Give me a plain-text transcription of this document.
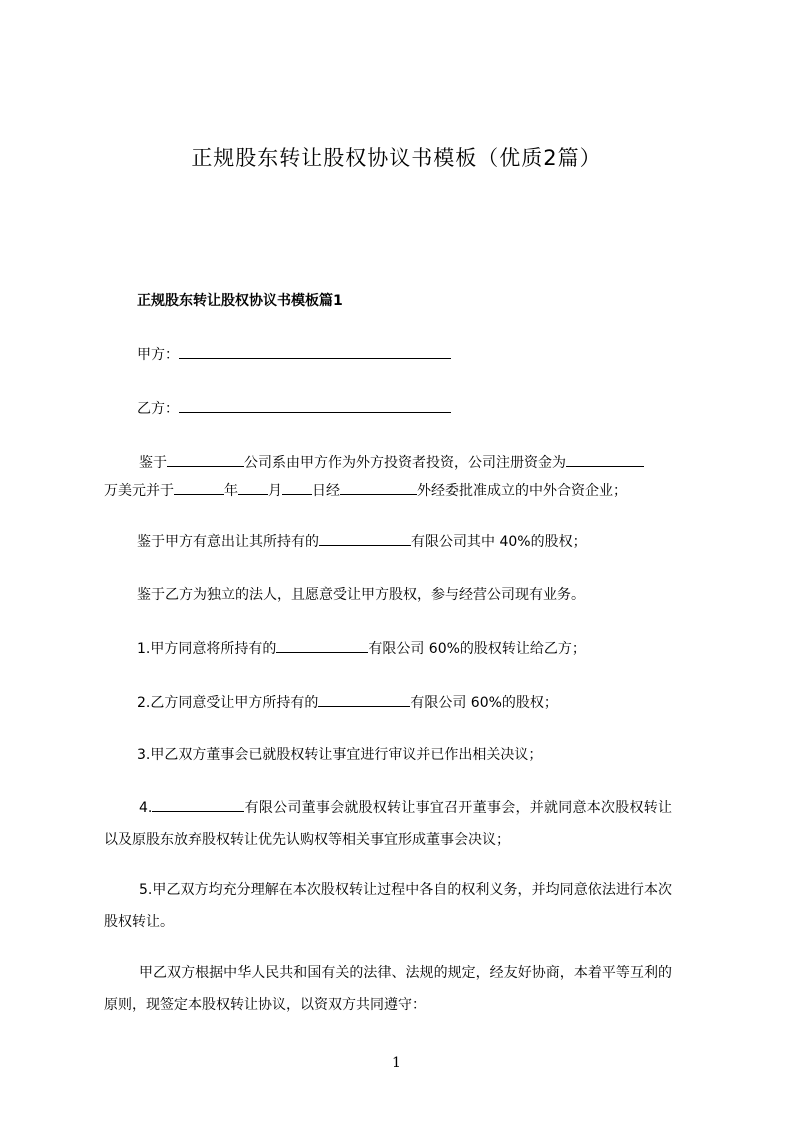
正规股东转让股权协议书模板（优质2篇）
正规股东转让股权协议书模板篇1
甲方：
乙方：
鉴于	公司系由甲方作为外方投资者投资，公司注册资金为
万美元并于	年 月 日经	外经委批准成立的中外合资企业；
鉴于甲方有意出让其所持有的	有限公司其中 40%的股权；
鉴于乙方为独立的法人，且愿意受让甲方股权，参与经营公司现有业务。
1.甲方同意将所持有的	有限公司 60%的股权转让给乙方；
2.乙方同意受让甲方所持有的	有限公司 60%的股权；
3.甲乙双方董事会已就股权转让事宜进行审议并已作出相关决议；
4.	有限公司董事会就股权转让事宜召开董事会，并就同意本次股权转让以及原股东放弃股权转让优先认购权等相关事宜形成董事会决议；
5.甲乙双方均充分理解在本次股权转让过程中各自的权利义务，并均同意依法进行本次股权转让。
甲乙双方根据中华人民共和国有关的法律、法规的规定，经友好协商，本着平等互利的原则，现签定本股权转让协议，以资双方共同遵守：
1
